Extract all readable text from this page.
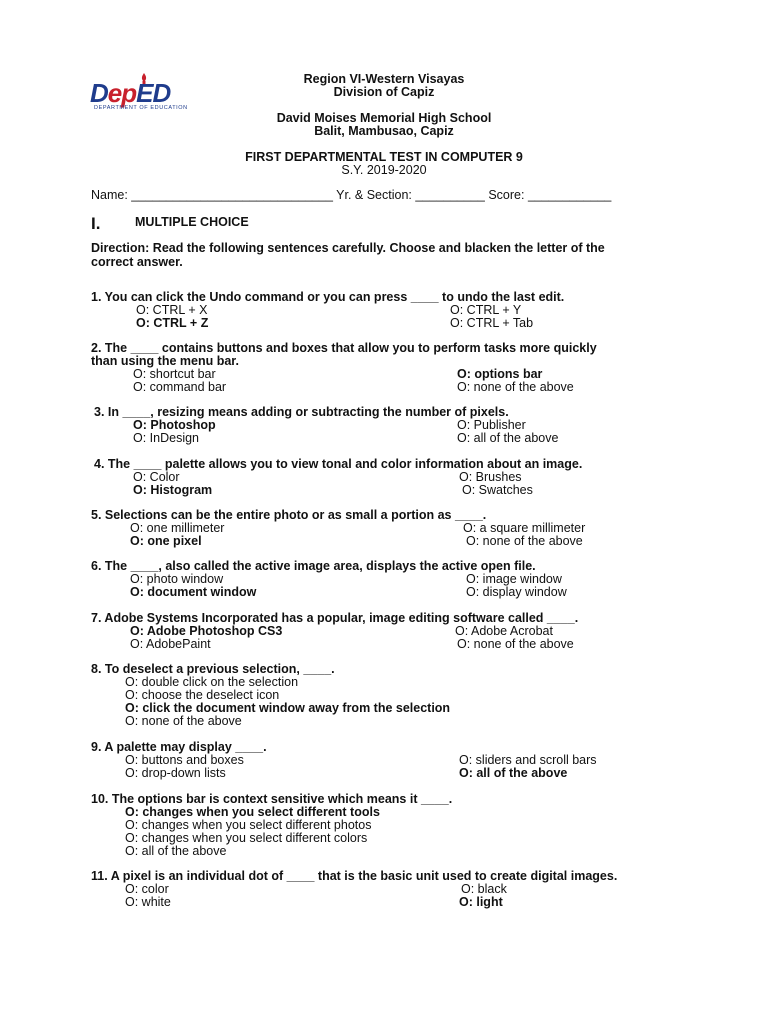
DepED
DEPARTMENT OF EDUCATION
Region VI-Western Visayas
Division of Capiz
David Moises Memorial High School
Balit, Mambusao, Capiz
FIRST DEPARTMENTAL TEST IN COMPUTER 9
S.Y. 2019-2020
Name: _____________________________ Yr. & Section: __________ Score: ____________
I.	MULTIPLE CHOICE
Direction: Read the following sentences carefully. Choose and blacken the letter of the
correct answer.
1. You can click the Undo command or you can press ____ to undo the last edit.
O: CTRL + X	O: CTRL + Y
O: CTRL + Z	O: CTRL + Tab
2. The ____ contains buttons and boxes that allow you to perform tasks more quickly
than using the menu bar.
O: shortcut bar	O: options bar
O: command bar	O: none of the above
3. In ____, resizing means adding or subtracting the number of pixels.
O: Photoshop	O: Publisher
O: InDesign	O: all of the above
4. The ____ palette allows you to view tonal and color information about an image.
O: Color	O: Brushes
O: Histogram	O: Swatches
5. Selections can be the entire photo or as small a portion as ____.
O: one millimeter	O: a square millimeter
O: one pixel	O: none of the above
6. The ____, also called the active image area, displays the active open file.
O: photo window	O: image window
O: document window	O: display window
7. Adobe Systems Incorporated has a popular, image editing software called ____.
O: Adobe Photoshop CS3	O: Adobe Acrobat
O: AdobePaint	O: none of the above
8. To deselect a previous selection, ____.
O: double click on the selection
O: choose the deselect icon
O: click the document window away from the selection
O: none of the above
9. A palette may display ____.
O: buttons and boxes	O: sliders and scroll bars
O: drop-down lists	O: all of the above
10. The options bar is context sensitive which means it ____.
O: changes when you select different tools
O: changes when you select different photos
O: changes when you select different colors
O: all of the above
11. A pixel is an individual dot of ____ that is the basic unit used to create digital images.
O: color	O: black
O: white	O: light
